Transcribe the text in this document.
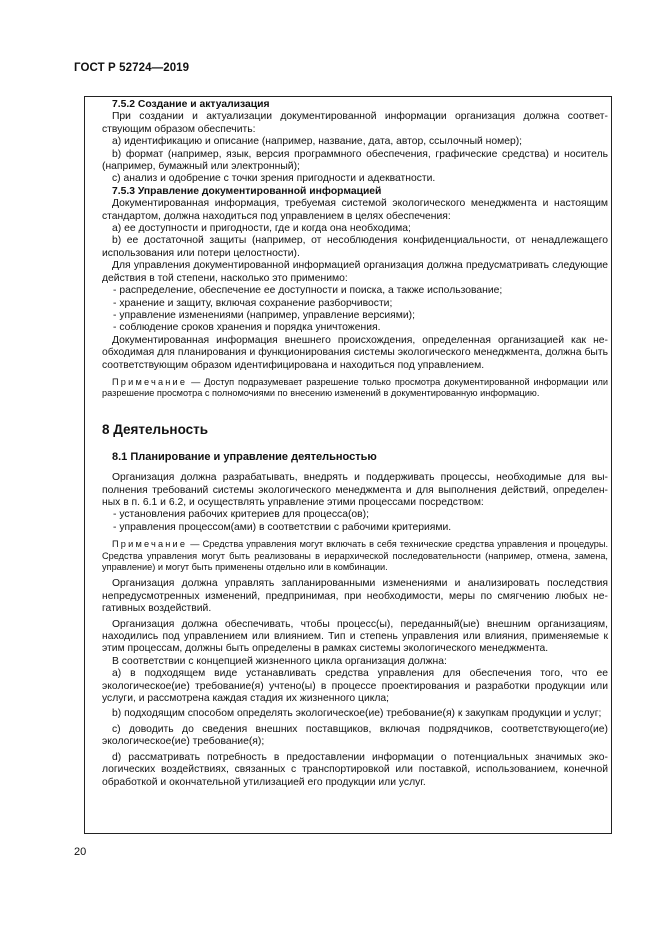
ГОСТ Р 52724—2019

7.5.2 Создание и актуализация

При создании и актуализации документированной информации организация должна соответствующим образом обеспечить:

а) идентификацию и описание (например, название, дата, автор, ссылочный номер);

b) формат (например, язык, версия программного обеспечения, графические средства) и носитель (например, бумажный или электронный);

с) анализ и одобрение с точки зрения пригодности и адекватности.

7.5.3 Управление документированной информацией

Документированная информация, требуемая системой экологического менеджмента и настоящим стандартом, должна находиться под управлением в целях обеспечения:

а) ее доступности и пригодности, где и когда она необходима;

b) ее достаточной защиты (например, от несоблюдения конфиденциальности, от ненадлежащего использования или потери целостности).

Для управления документированной информацией организация должна предусматривать следующие действия в той степени, насколько это применимо:

- распределение, обеспечение ее доступности и поиска, а также использование;

- хранение и защиту, включая сохранение разборчивости;

- управление изменениями (например, управление версиями);

- соблюдение сроков хранения и порядка уничтожения.

Документированная информация внешнего происхождения, определенная организацией как необходимая для планирования и функционирования системы экологического менеджмента, должна быть соответствующим образом идентифицирована и находиться под управлением.

Примечание — Доступ подразумевает разрешение только просмотра документированной информации или разрешение просмотра с полномочиями по внесению изменений в документированную информацию.

8 Деятельность

8.1 Планирование и управление деятельностью

Организация должна разрабатывать, внедрять и поддерживать процессы, необходимые для выполнения требований системы экологического менеджмента и для выполнения действий, определенных в п. 6.1 и 6.2, и осуществлять управление этими процессами посредством:

- установления рабочих критериев для процесса(ов);

- управления процессом(ами) в соответствии с рабочими критериями.

Примечание — Средства управления могут включать в себя технические средства управления и процедуры. Средства управления могут быть реализованы в иерархической последовательности (например, отмена, замена, управление) и могут быть применены отдельно или в комбинации.

Организация должна управлять запланированными изменениями и анализировать последствия непредусмотренных изменений, предпринимая, при необходимости, меры по смягчению любых негативных воздействий.

Организация должна обеспечивать, чтобы процесс(ы), переданный(ые) внешним организациям, находились под управлением или влиянием. Тип и степень управления или влияния, применяемые к этим процессам, должны быть определены в рамках системы экологического менеджмента.

В соответствии с концепцией жизненного цикла организация должна:

а) в подходящем виде устанавливать средства управления для обеспечения того, что ее экологическое(ие) требование(я) учтено(ы) в процессе проектирования и разработки продукции или услуги, и рассмотрена каждая стадия их жизненного цикла;

b) подходящим способом определять экологическое(ие) требование(я) к закупкам продукции и услуг;

с) доводить до сведения внешних поставщиков, включая подрядчиков, соответствующего(ие) экологическое(ие) требование(я);

d) рассматривать потребность в предоставлении информации о потенциальных значимых экологических воздействиях, связанных с транспортировкой или поставкой, использованием, конечной обработкой и окончательной утилизацией его продукции или услуг.

20
